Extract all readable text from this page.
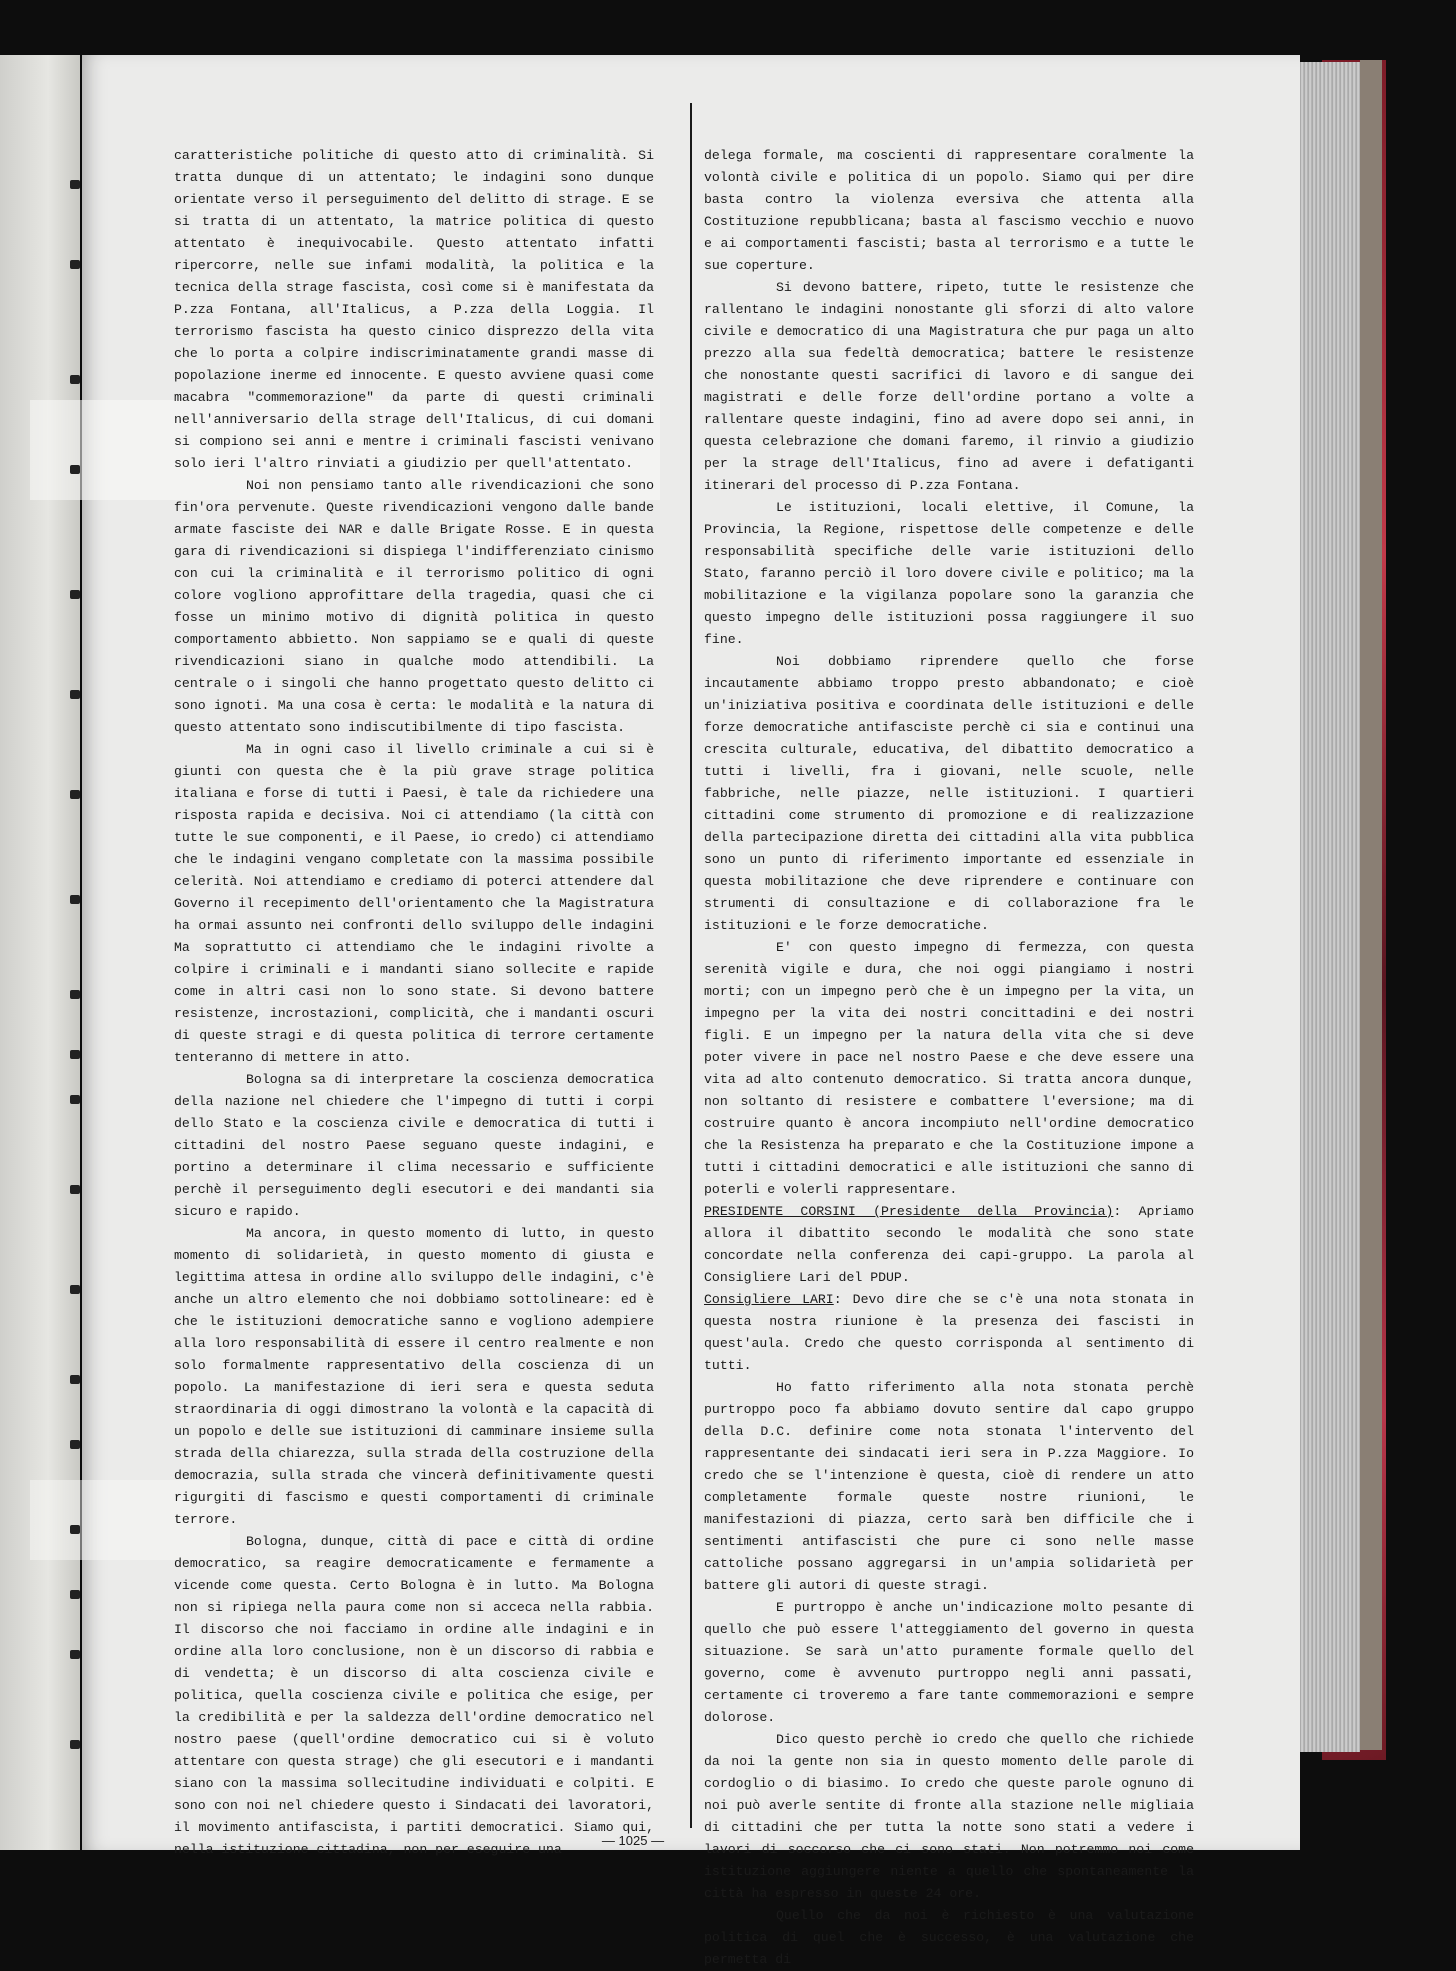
caratteristiche politiche di questo atto di criminalità. Si tratta dunque di un attentato; le indagini sono dunque orientate verso il perseguimento del delitto di strage. E se si tratta di un attentato, la matrice politica di questo attentato è inequivocabile. Questo attentato infatti ripercorre, nelle sue infami modalità, la politica e la tecnica della strage fascista, così come si è manifestata da P.zza Fontana, all'Italicus, a P.zza della Loggia. Il terrorismo fascista ha questo cinico disprezzo della vita che lo porta a colpire indiscriminatamente grandi masse di popolazione inerme ed innocente. E questo avviene quasi come macabra "commemorazione" da parte di questi criminali nell'anniversario della strage dell'Italicus, di cui domani si compiono sei anni e mentre i criminali fascisti venivano solo ieri l'altro rinviati a giudizio per quell'attentato.

Noi non pensiamo tanto alle rivendicazioni che sono fin'ora pervenute. Queste rivendicazioni vengono dalle bande armate fasciste dei NAR e dalle Brigate Rosse. E in questa gara di rivendicazioni si dispiega l'indifferenziato cinismo con cui la criminalità e il terrorismo politico di ogni colore vogliono approfittare della tragedia, quasi che ci fosse un minimo motivo di dignità politica in questo comportamento abbietto. Non sappiamo se e quali di queste rivendicazioni siano in qualche modo attendibili. La centrale o i singoli che hanno progettato questo delitto ci sono ignoti. Ma una cosa è certa: le modalità e la natura di questo attentato sono indiscutibilmente di tipo fascista.

Ma in ogni caso il livello criminale a cui si è giunti con questa che è la più grave strage politica italiana e forse di tutti i Paesi, è tale da richiedere una risposta rapida e decisiva. Noi ci attendiamo (la città con tutte le sue componenti, e il Paese, io credo) ci attendiamo che le indagini vengano completate con la massima possibile celerità. Noi attendiamo e crediamo di poterci attendere dal Governo il recepimento dell'orientamento che la Magistratura ha ormai assunto nei confronti dello sviluppo delle indagini Ma soprattutto ci attendiamo che le indagini rivolte a colpire i criminali e i mandanti siano sollecite e rapide come in altri casi non lo sono state. Si devono battere resistenze, incrostazioni, complicità, che i mandanti oscuri di queste stragi e di questa politica di terrore certamente tenteranno di mettere in atto.

Bologna sa di interpretare la coscienza democratica della nazione nel chiedere che l'impegno di tutti i corpi dello Stato e la coscienza civile e democratica di tutti i cittadini del nostro Paese seguano queste indagini, e portino a determinare il clima necessario e sufficiente perchè il perseguimento degli esecutori e dei mandanti sia sicuro e rapido.

Ma ancora, in questo momento di lutto, in questo momento di solidarietà, in questo momento di giusta e legittima attesa in ordine allo sviluppo delle indagini, c'è anche un altro elemento che noi dobbiamo sottolineare: ed è che le istituzioni democratiche sanno e vogliono adempiere alla loro responsabilità di essere il centro realmente e non solo formalmente rappresentativo della coscienza di un popolo. La manifestazione di ieri sera e questa seduta straordinaria di oggi dimostrano la volontà e la capacità di un popolo e delle sue istituzioni di camminare insieme sulla strada della chiarezza, sulla strada della costruzione della democrazia, sulla strada che vincerà definitivamente questi rigurgiti di fascismo e questi comportamenti di criminale terrore.

Bologna, dunque, città di pace e città di ordine democratico, sa reagire democraticamente e fermamente a vicende come questa. Certo Bologna è in lutto. Ma Bologna non si ripiega nella paura come non si acceca nella rabbia. Il discorso che noi facciamo in ordine alle indagini e in ordine alla loro conclusione, non è un discorso di rabbia e di vendetta; è un discorso di alta coscienza civile e politica, quella coscienza civile e politica che esige, per la credibilità e per la saldezza dell'ordine democratico nel nostro paese (quell'ordine democratico cui si è voluto attentare con questa strage) che gli esecutori e i mandanti siano con la massima sollecitudine individuati e colpiti. E sono con noi nel chiedere questo i Sindacati dei lavoratori, il movimento antifascista, i partiti democratici. Siamo qui, nella istituzione cittadina, non per eseguire una

delega formale, ma coscienti di rappresentare coralmente la volontà civile e politica di un popolo. Siamo qui per dire basta contro la violenza eversiva che attenta alla Costituzione repubblicana; basta al fascismo vecchio e nuovo e ai comportamenti fascisti; basta al terrorismo e a tutte le sue coperture.

Si devono battere, ripeto, tutte le resistenze che rallentano le indagini nonostante gli sforzi di alto valore civile e democratico di una Magistratura che pur paga un alto prezzo alla sua fedeltà democratica; battere le resistenze che nonostante questi sacrifici di lavoro e di sangue dei magistrati e delle forze dell'ordine portano a volte a rallentare queste indagini, fino ad avere dopo sei anni, in questa celebrazione che domani faremo, il rinvio a giudizio per la strage dell'Italicus, fino ad avere i defatiganti itinerari del processo di P.zza Fontana.

Le istituzioni, locali elettive, il Comune, la Provincia, la Regione, rispettose delle competenze e delle responsabilità specifiche delle varie istituzioni dello Stato, faranno perciò il loro dovere civile e politico; ma la mobilitazione e la vigilanza popolare sono la garanzia che questo impegno delle istituzioni possa raggiungere il suo fine.

Noi dobbiamo riprendere quello che forse incautamente abbiamo troppo presto abbandonato; e cioè un'iniziativa positiva e coordinata delle istituzioni e delle forze democratiche antifasciste perchè ci sia e continui una crescita culturale, educativa, del dibattito democratico a tutti i livelli, fra i giovani, nelle scuole, nelle fabbriche, nelle piazze, nelle istituzioni. I quartieri cittadini come strumento di promozione e di realizzazione della partecipazione diretta dei cittadini alla vita pubblica sono un punto di riferimento importante ed essenziale in questa mobilitazione che deve riprendere e continuare con strumenti di consultazione e di collaborazione fra le istituzioni e le forze democratiche.

E' con questo impegno di fermezza, con questa serenità vigile e dura, che noi oggi piangiamo i nostri morti; con un impegno però che è un impegno per la vita, un impegno per la vita dei nostri concittadini e dei nostri figli. E un impegno per la natura della vita che si deve poter vivere in pace nel nostro Paese e che deve essere una vita ad alto contenuto democratico. Si tratta ancora dunque, non soltanto di resistere e combattere l'eversione; ma di costruire quanto è ancora incompiuto nell'ordine democratico che la Resistenza ha preparato e che la Costituzione impone a tutti i cittadini democratici e alle istituzioni che sanno di poterli e volerli rappresentare.

PRESIDENTE CORSINI (Presidente della Provincia): Apriamo allora il dibattito secondo le modalità che sono state concordate nella conferenza dei capi-gruppo. La parola al Consigliere Lari del PDUP.

Consigliere LARI: Devo dire che se c'è una nota stonata in questa nostra riunione è la presenza dei fascisti in quest'aula. Credo che questo corrisponda al sentimento di tutti.

Ho fatto riferimento alla nota stonata perchè purtroppo poco fa abbiamo dovuto sentire dal capo gruppo della D.C. definire come nota stonata l'intervento del rappresentante dei sindacati ieri sera in P.zza Maggiore. Io credo che se l'intenzione è questa, cioè di rendere un atto completamente formale queste nostre riunioni, le manifestazioni di piazza, certo sarà ben difficile che i sentimenti antifascisti che pure ci sono nelle masse cattoliche possano aggregarsi in un'ampia solidarietà per battere gli autori di queste stragi.

E purtroppo è anche un'indicazione molto pesante di quello che può essere l'atteggiamento del governo in questa situazione. Se sarà un'atto puramente formale quello del governo, come è avvenuto purtroppo negli anni passati, certamente ci troveremo a fare tante commemorazioni e sempre dolorose.

Dico questo perchè io credo che quello che richiede da noi la gente non sia in questo momento delle parole di cordoglio o di biasimo. Io credo che queste parole ognuno di noi può averle sentite di fronte alla stazione nelle migliaia di cittadini che per tutta la notte sono stati a vedere i lavori di soccorso che ci sono stati. Non potremmo noi come istituzione aggiungere niente a quello che spontaneamente la città ha espresso in queste 24 ore.

Quello che da noi è richiesto è una valutazione politica di quel che è successo, è una valutazione che permetta di

— 1025 —
